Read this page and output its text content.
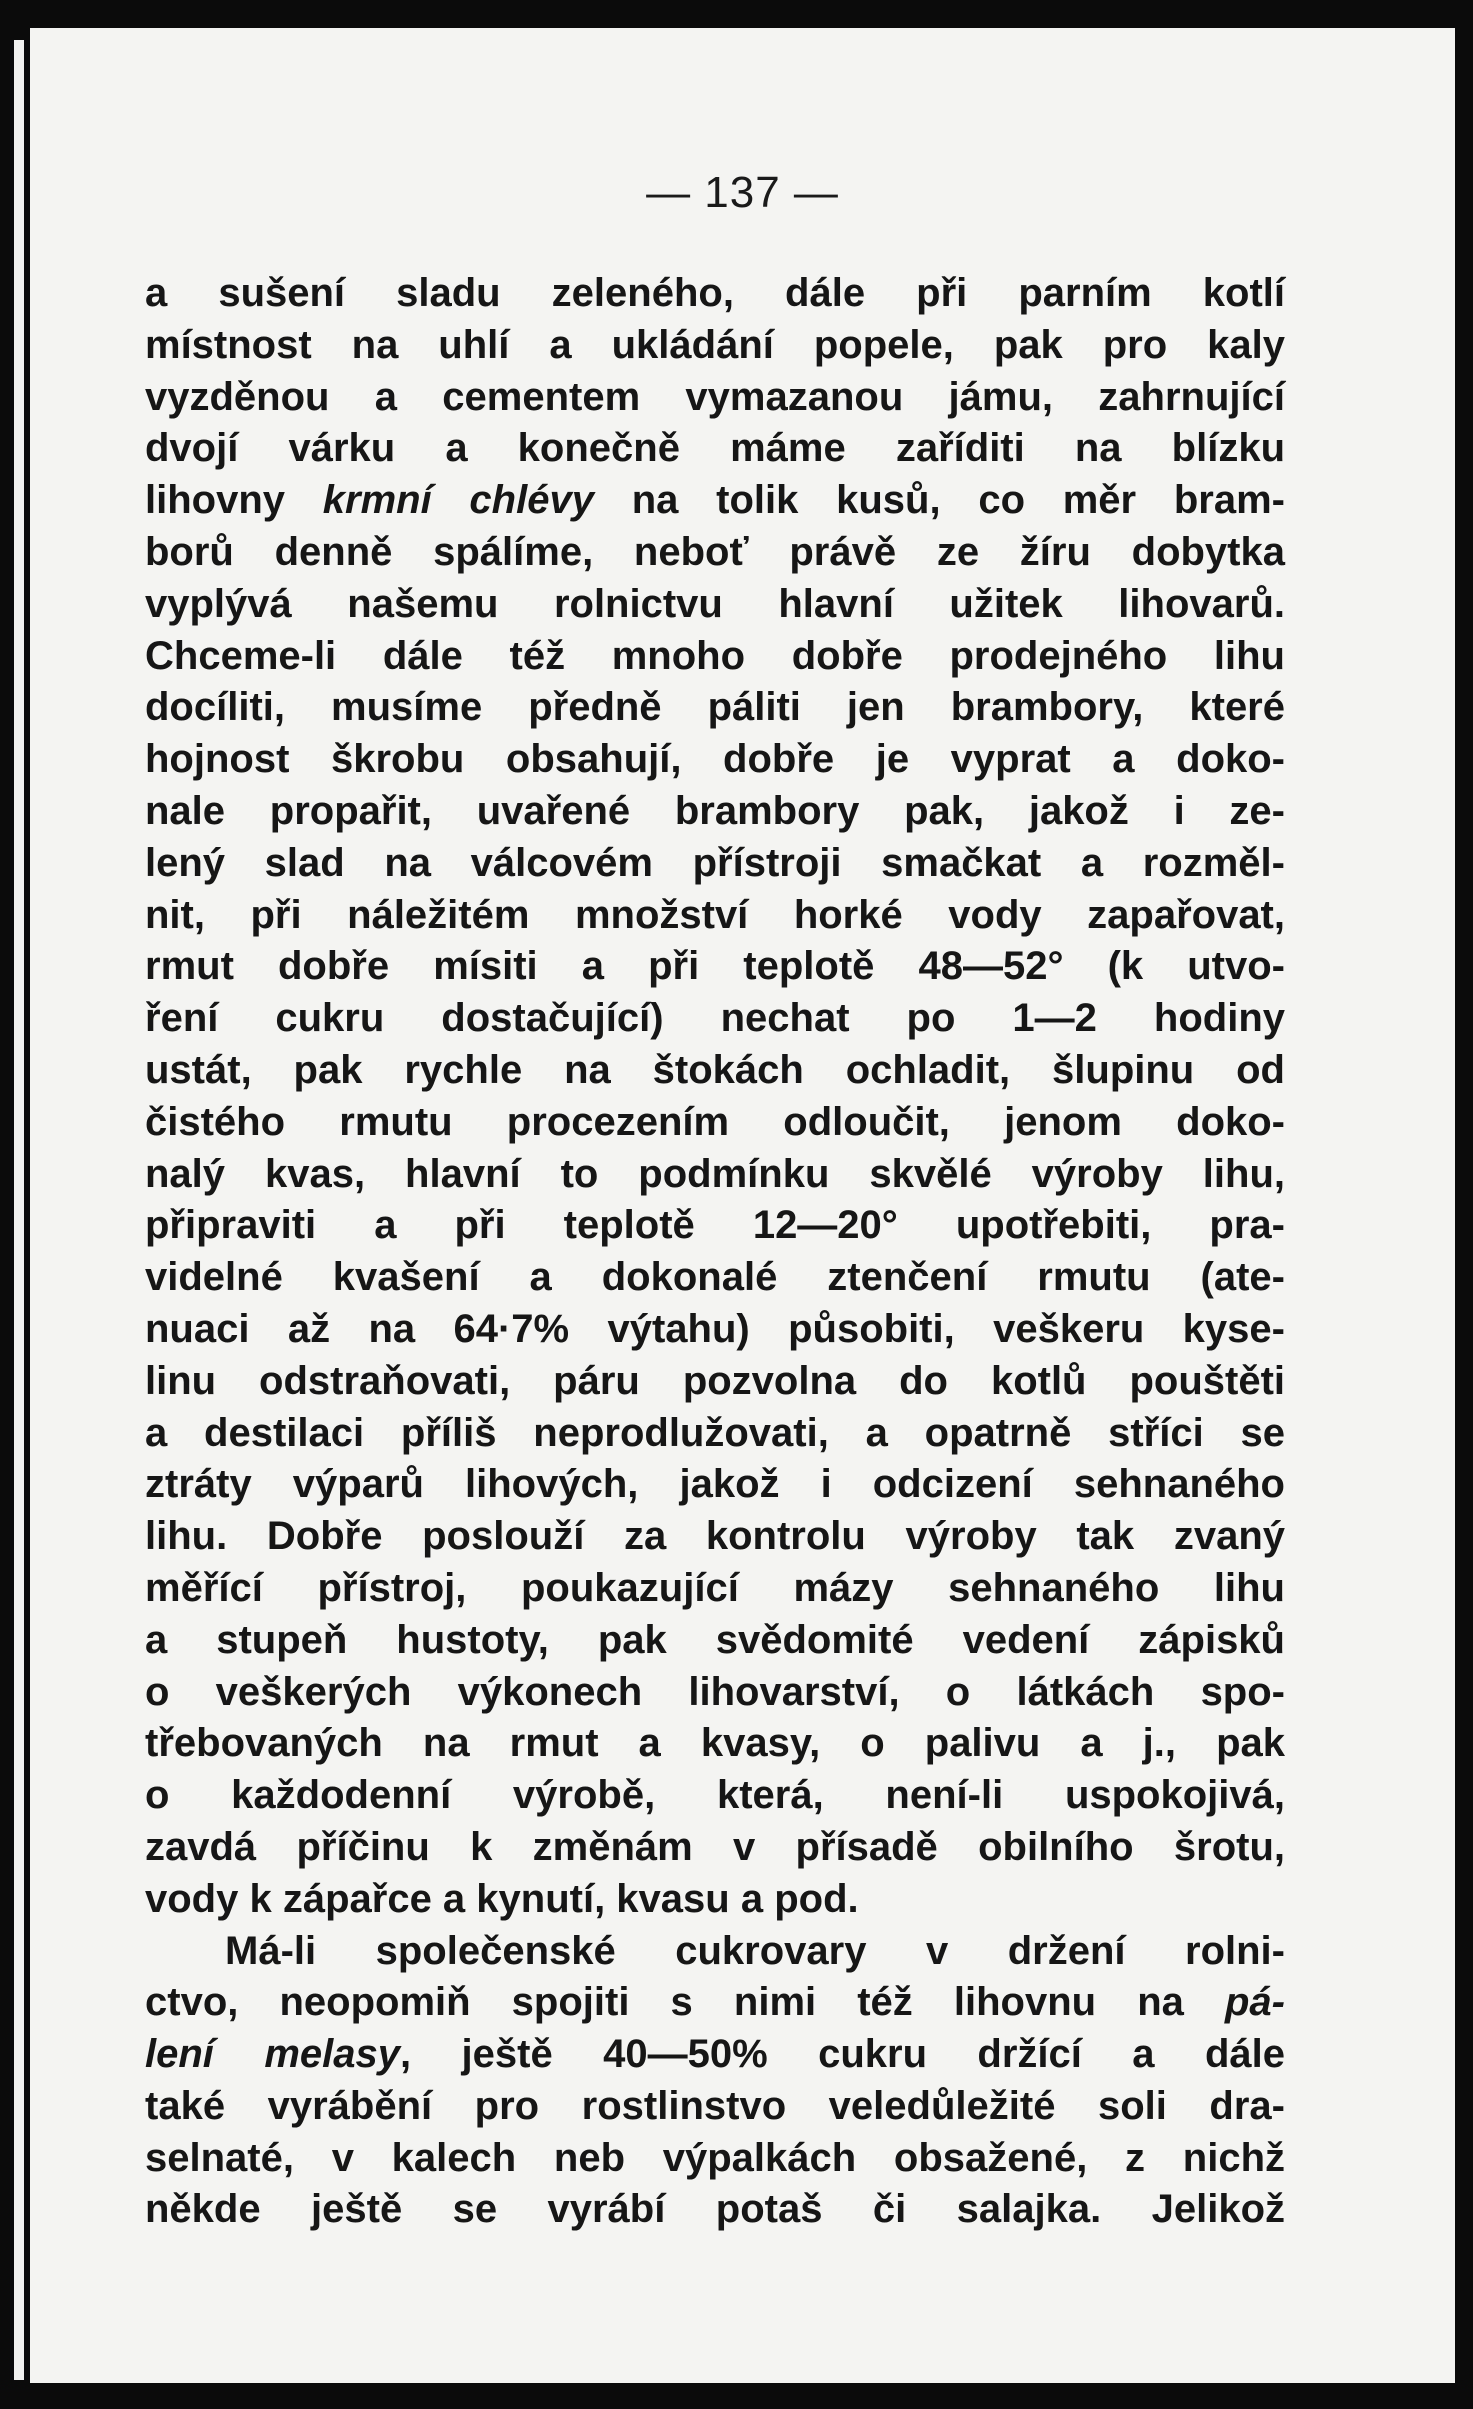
— 137 —
a sušení sladu zeleného, dále při parním kotlí
místnost na uhlí a ukládání popele, pak pro kaly
vyzděnou a cementem vymazanou jámu, zahrnující
dvojí várku a konečně máme zaříditi na blízku
lihovny krmní chlévy na tolik kusů, co měr bram-
borů denně spálíme, neboť právě ze žíru dobytka
vyplývá našemu rolnictvu hlavní užitek lihovarů.
Chceme-li dále též mnoho dobře prodejného lihu
docíliti, musíme předně páliti jen brambory, které
hojnost škrobu obsahují, dobře je vyprat a doko-
nale propařit, uvařené brambory pak, jakož i ze-
lený slad na válcovém přístroji smačkat a rozměl-
nit, při náležitém množství horké vody zapařovat,
rmut dobře mísiti a při teplotě 48—52° (k utvo-
ření cukru dostačující) nechat po 1—2 hodiny
ustát, pak rychle na štokách ochladit, šlupinu od
čistého rmutu procezením odloučit, jenom doko-
nalý kvas, hlavní to podmínku skvělé výroby lihu,
připraviti a při teplotě 12—20° upotřebiti, pra-
videlné kvašení a dokonalé ztenčení rmutu (ate-
nuaci až na 64·7% výtahu) působiti, veškeru kyse-
linu odstraňovati, páru pozvolna do kotlů pouštěti
a destilaci příliš neprodlužovati, a opatrně stříci se
ztráty výparů lihových, jakož i odcizení sehnaného
lihu. Dobře poslouží za kontrolu výroby tak zvaný
měřící přístroj, poukazující mázy sehnaného lihu
a stupeň hustoty, pak svědomité vedení zápisků
o veškerých výkonech lihovarství, o látkách spo-
třebovaných na rmut a kvasy, o palivu a j., pak
o každodenní výrobě, která, není-li uspokojivá,
zavdá příčinu k změnám v přísadě obilního šrotu,
vody k zápařce a kynutí, kvasu a pod.
Má-li společenské cukrovary v držení rolni-
ctvo, neopomiň spojiti s nimi též lihovnu na pá-
lení melasy, ještě 40—50% cukru držící a dále
také vyrábění pro rostlinstvo veledůležité soli dra-
selnaté, v kalech neb výpalkách obsažené, z nichž
někde ještě se vyrábí potaš či salajka. Jelikož
